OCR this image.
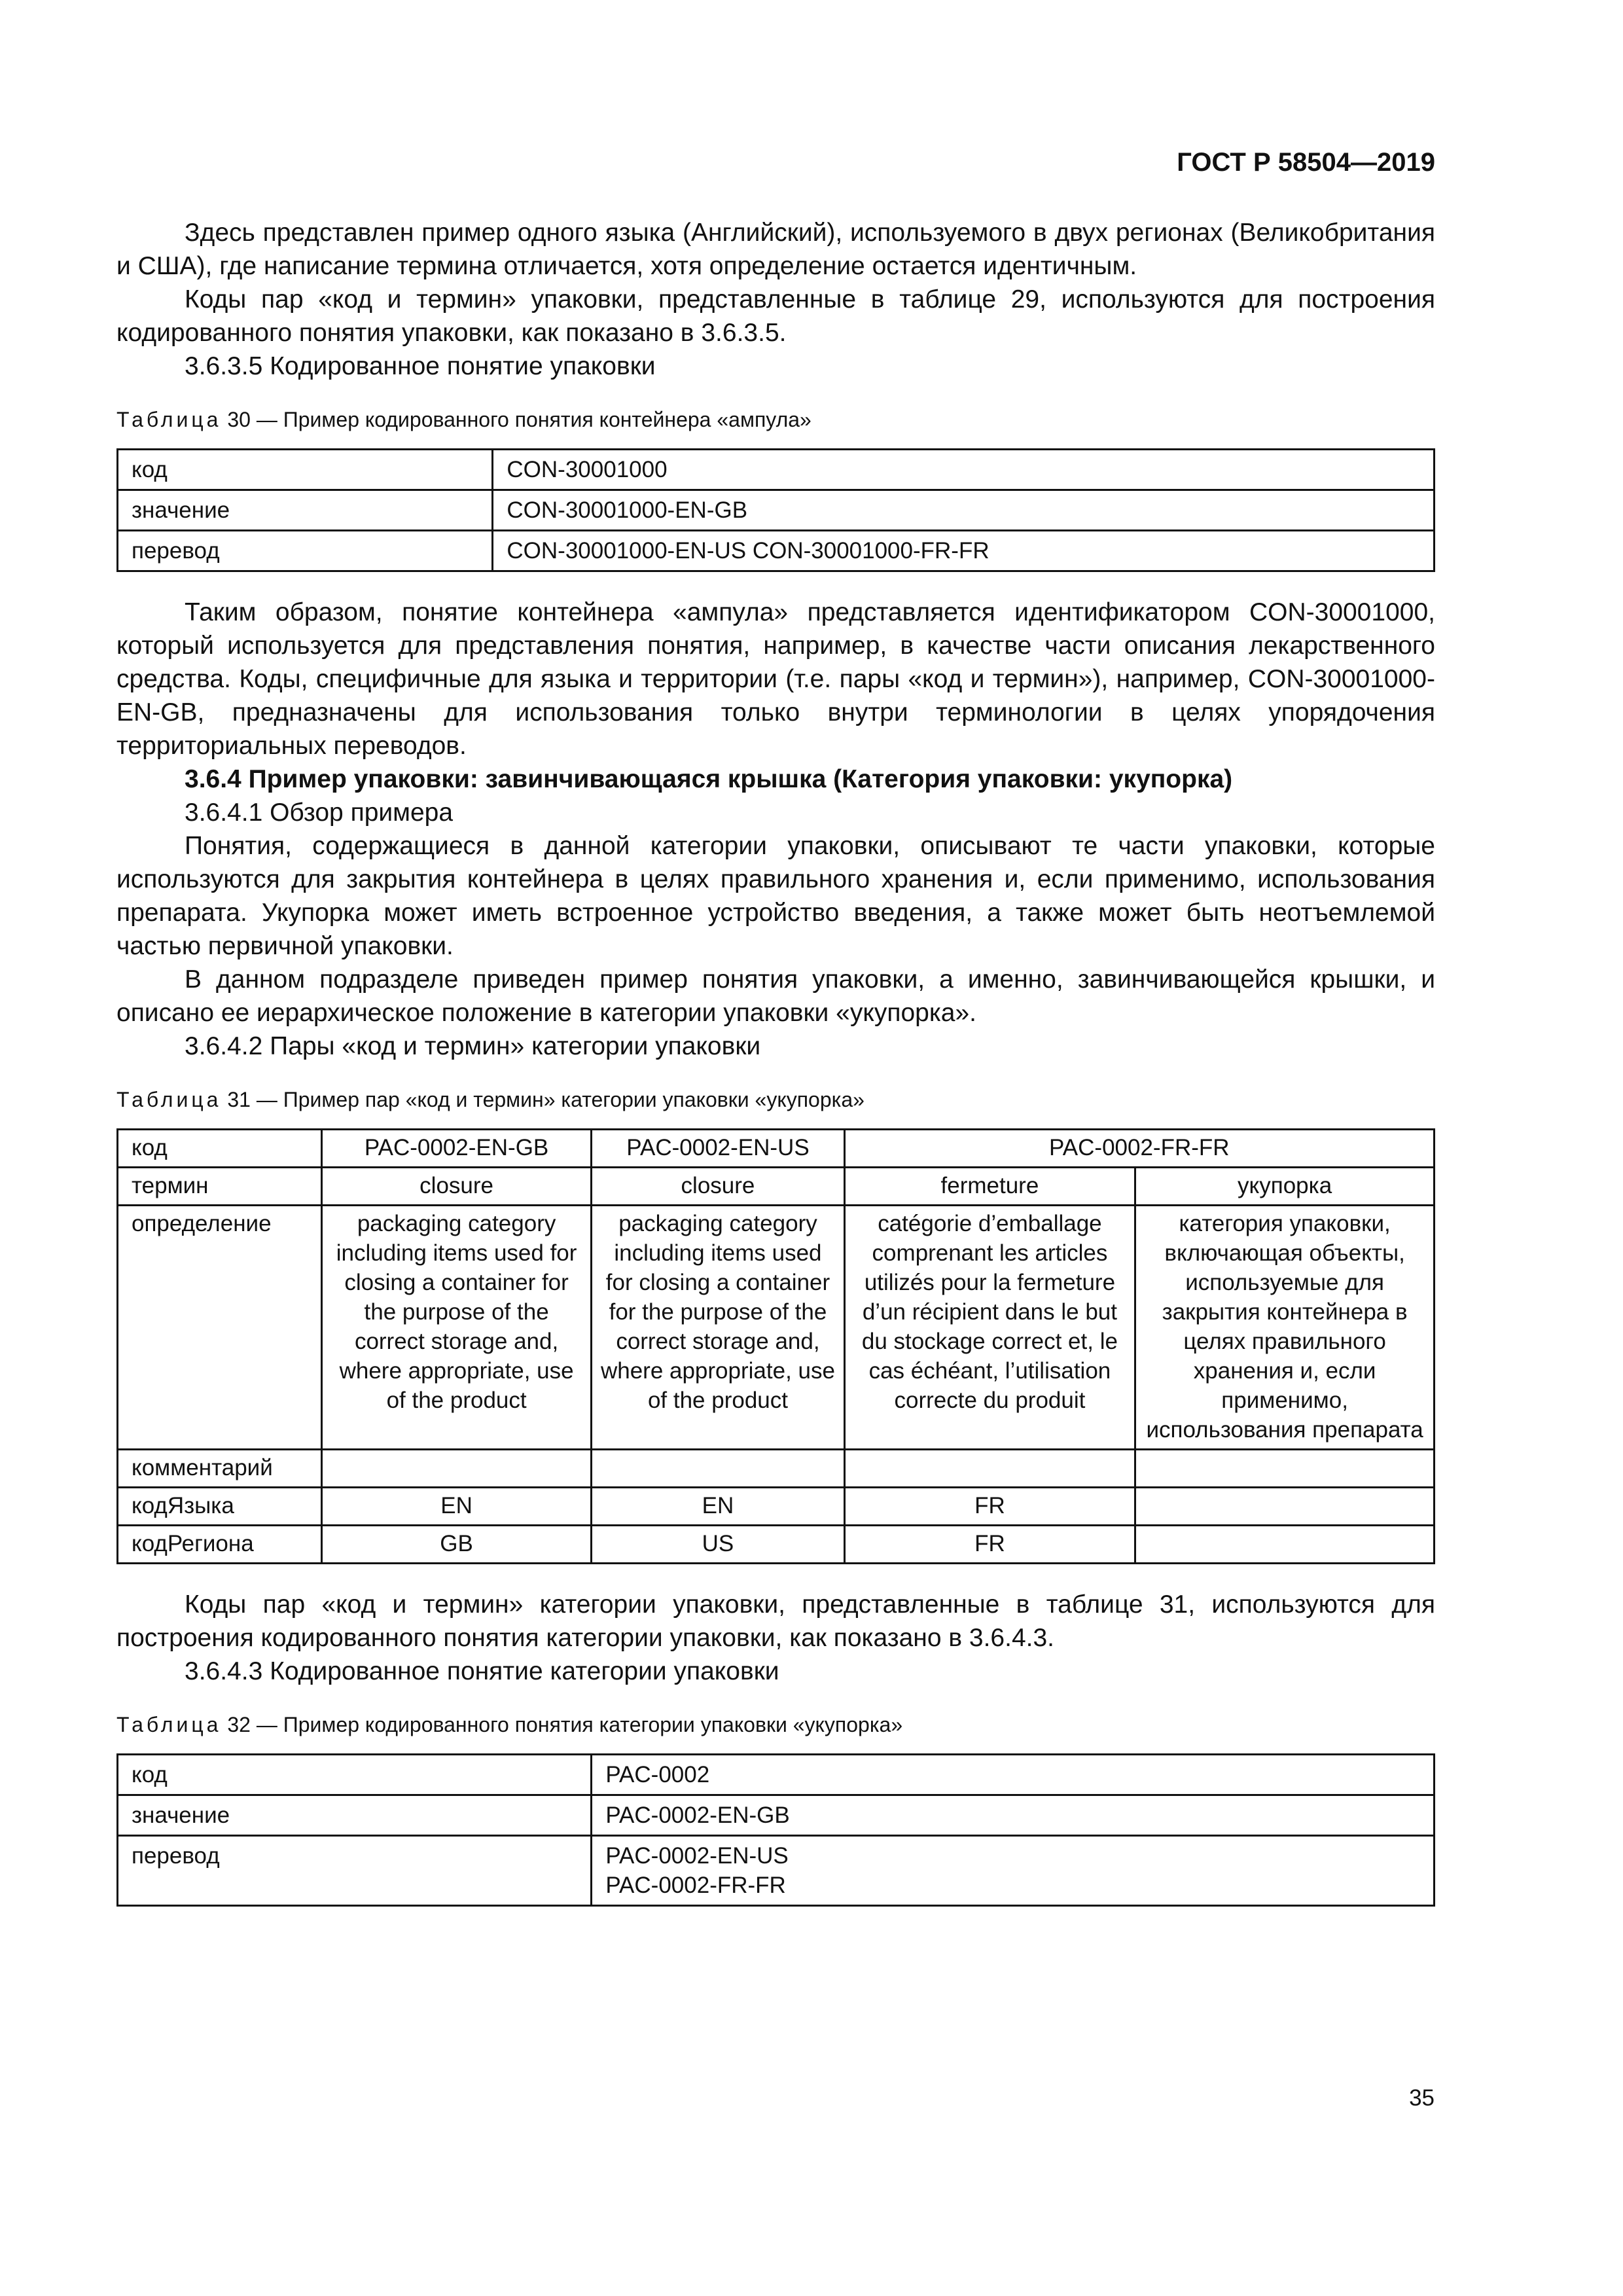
ГОСТ Р 58504—2019

Здесь представлен пример одного языка (Английский), используемого в двух регионах (Великобритания и США), где написание термина отличается, хотя определение остается идентичным.

Коды пар «код и термин» упаковки, представленные в таблице 29, используются для построения кодированного понятия упаковки, как показано в 3.6.3.5.

3.6.3.5 Кодированное понятие упаковки

Таблица 30 — Пример кодированного понятия контейнера «ампула»
код	CON-30001000
значение	CON-30001000-EN-GB
перевод	CON-30001000-EN-US CON-30001000-FR-FR

Таким образом, понятие контейнера «ампула» представляется идентификатором CON-30001000, который используется для представления понятия, например, в качестве части описания лекарственного средства. Коды, специфичные для языка и территории (т.е. пары «код и термин»), например, CON-30001000-EN-GB, предназначены для использования только внутри терминологии в целях упорядочения территориальных переводов.

3.6.4 Пример упаковки: завинчивающаяся крышка (Категория упаковки: укупорка)

3.6.4.1 Обзор примера

Понятия, содержащиеся в данной категории упаковки, описывают те части упаковки, которые используются для закрытия контейнера в целях правильного хранения и, если применимо, использования препарата. Укупорка может иметь встроенное устройство введения, а также может быть неотъемлемой частью первичной упаковки.

В данном подразделе приведен пример понятия упаковки, а именно, завинчивающейся крышки, и описано ее иерархическое положение в категории упаковки «укупорка».

3.6.4.2 Пары «код и термин» категории упаковки

Таблица 31 — Пример пар «код и термин» категории упаковки «укупорка»
код	PAC-0002-EN-GB	PAC-0002-EN-US	PAC-0002-FR-FR	
термин	closure	closure	fermeture	укупорка
определение	packaging category including items used for closing a container for the purpose of the correct storage and, where appropriate, use of the product	packaging category including items used for closing a container for the purpose of the correct storage and, where appropriate, use of the product	catégorie d’emballage comprenant les articles utilizés pour la fermeture d’un récipient dans le but du stockage correct et, le cas échéant, l’utilisation correcte du produit	категория упаковки, включающая объекты, используемые для закрытия контейнера в целях правильного хранения и, если применимо, использования препарата
комментарий				
кодЯзыка	EN	EN	FR	
кодРегиона	GB	US	FR	

Коды пар «код и термин» категории упаковки, представленные в таблице 31, используются для построения кодированного понятия категории упаковки, как показано в 3.6.4.3.

3.6.4.3 Кодированное понятие категории упаковки

Таблица 32 — Пример кодированного понятия категории упаковки «укупорка»
код	PAC-0002
значение	PAC-0002-EN-GB
перевод	PAC-0002-EN-US
PAC-0002-FR-FR
35
